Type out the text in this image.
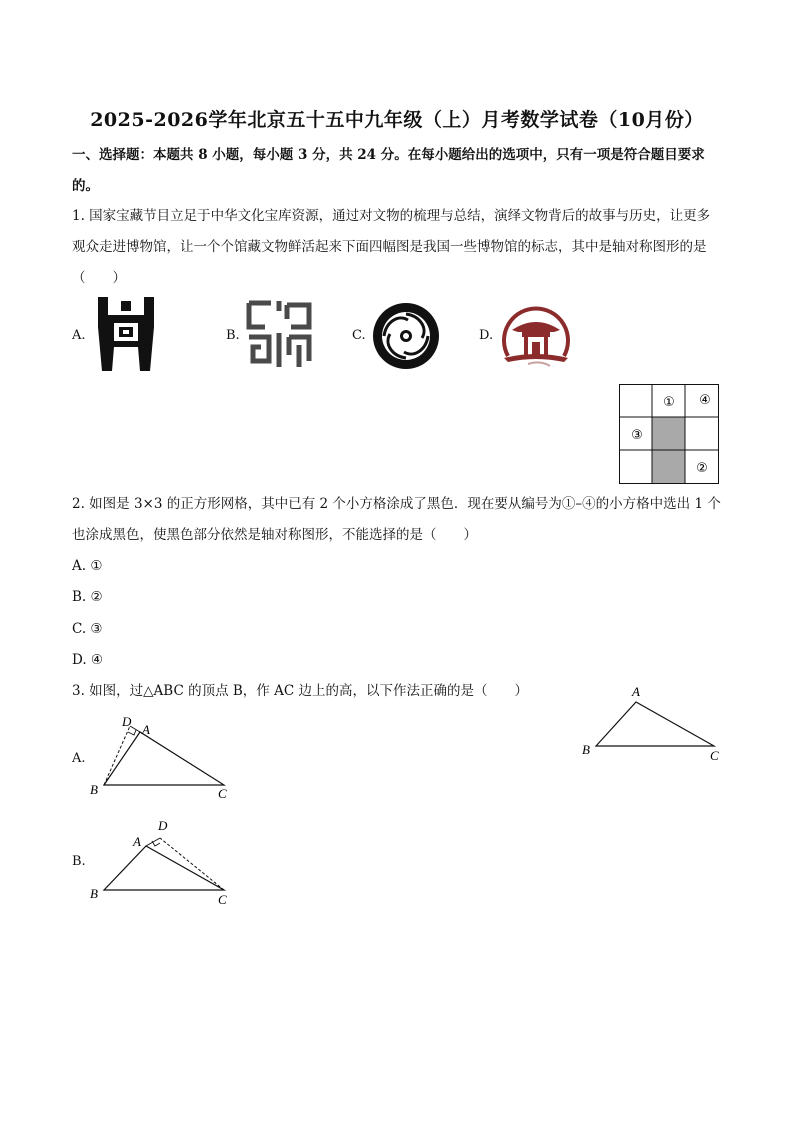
2025-2026学年北京五十五中九年级（上）月考数学试卷（10月份）
一、选择题：本题共 8 小题，每小题 3 分，共 24 分。在每小题给出的选项中，只有一项是符合题目要求的。
1. 国家宝藏节目立足于中华文化宝库资源，通过对文物的梳理与总结，演绎文物背后的故事与历史，让更多观众走进博物馆，让一个个馆藏文物鲜活起来下面四幅图是我国一些博物馆的标志，其中是轴对称图形的是（　　）
A.	B.	C.	D.
① ④
③
②
2. 如图是 3×3 的正方形网格，其中已有 2 个小方格涂成了黑色．现在要从编号为①–④的小方格中选出 1 个也涂成黑色，使黑色部分依然是轴对称图形，不能选择的是（　　）
A. ①
B. ②
C. ③
D. ④
3. 如图，过△ABC 的顶点 B，作 AC 边上的高，以下作法正确的是（　　）	A
B	C
A.
D
A
B	C
B.
D
A
B	C
